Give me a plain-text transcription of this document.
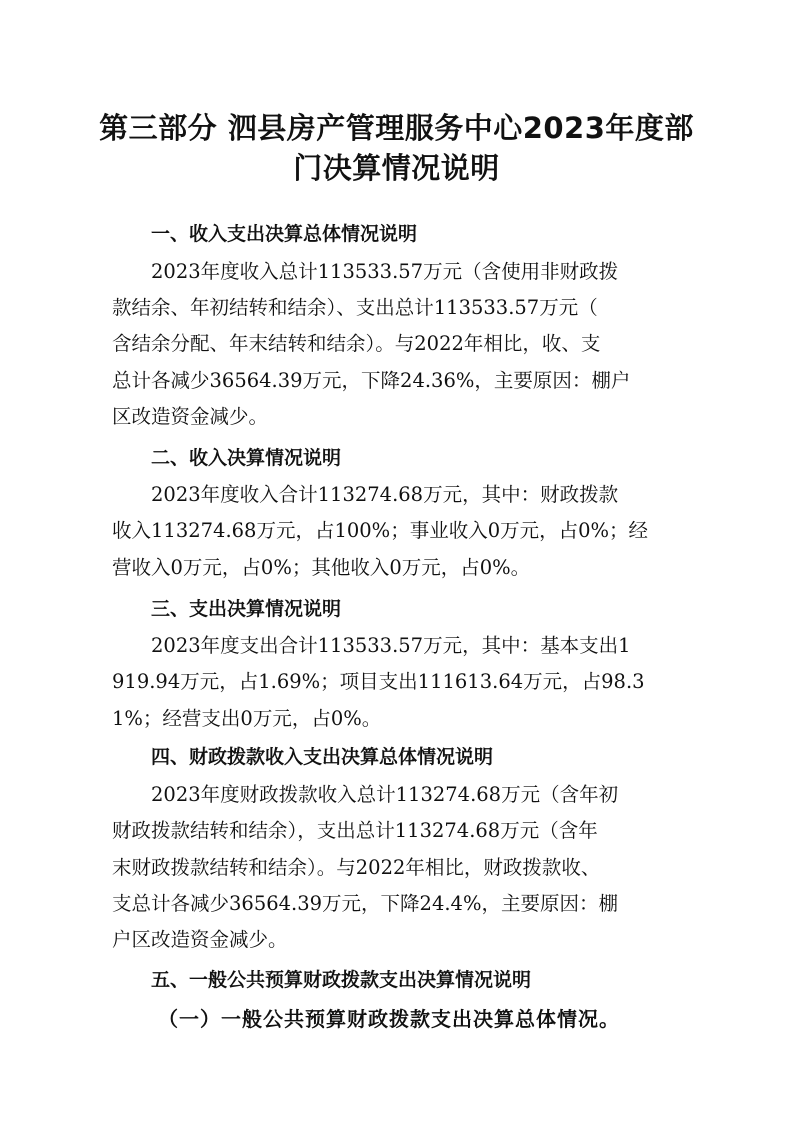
第三部分 泗县房产管理服务中心2023年度部
门决算情况说明
一、收入支出决算总体情况说明
2023年度收入总计113533.57万元（含使用非财政拨
款结余、年初结转和结余）、支出总计113533.57万元（
含结余分配、年末结转和结余）。与2022年相比，收、支
总计各减少36564.39万元，下降24.36%，主要原因：棚户
区改造资金减少。
二、收入决算情况说明
2023年度收入合计113274.68万元，其中：财政拨款
收入113274.68万元，占100%；事业收入0万元，占0%；经
营收入0万元，占0%；其他收入0万元，占0%。
三、支出决算情况说明
2023年度支出合计113533.57万元，其中：基本支出1
919.94万元，占1.69%；项目支出111613.64万元，占98.3
1%；经营支出0万元，占0%。
四、财政拨款收入支出决算总体情况说明
2023年度财政拨款收入总计113274.68万元（含年初
财政拨款结转和结余），支出总计113274.68万元（含年
末财政拨款结转和结余）。与2022年相比，财政拨款收、
支总计各减少36564.39万元，下降24.4%，主要原因：棚
户区改造资金减少。
五、一般公共预算财政拨款支出决算情况说明
（一）一般公共预算财政拨款支出决算总体情况。
